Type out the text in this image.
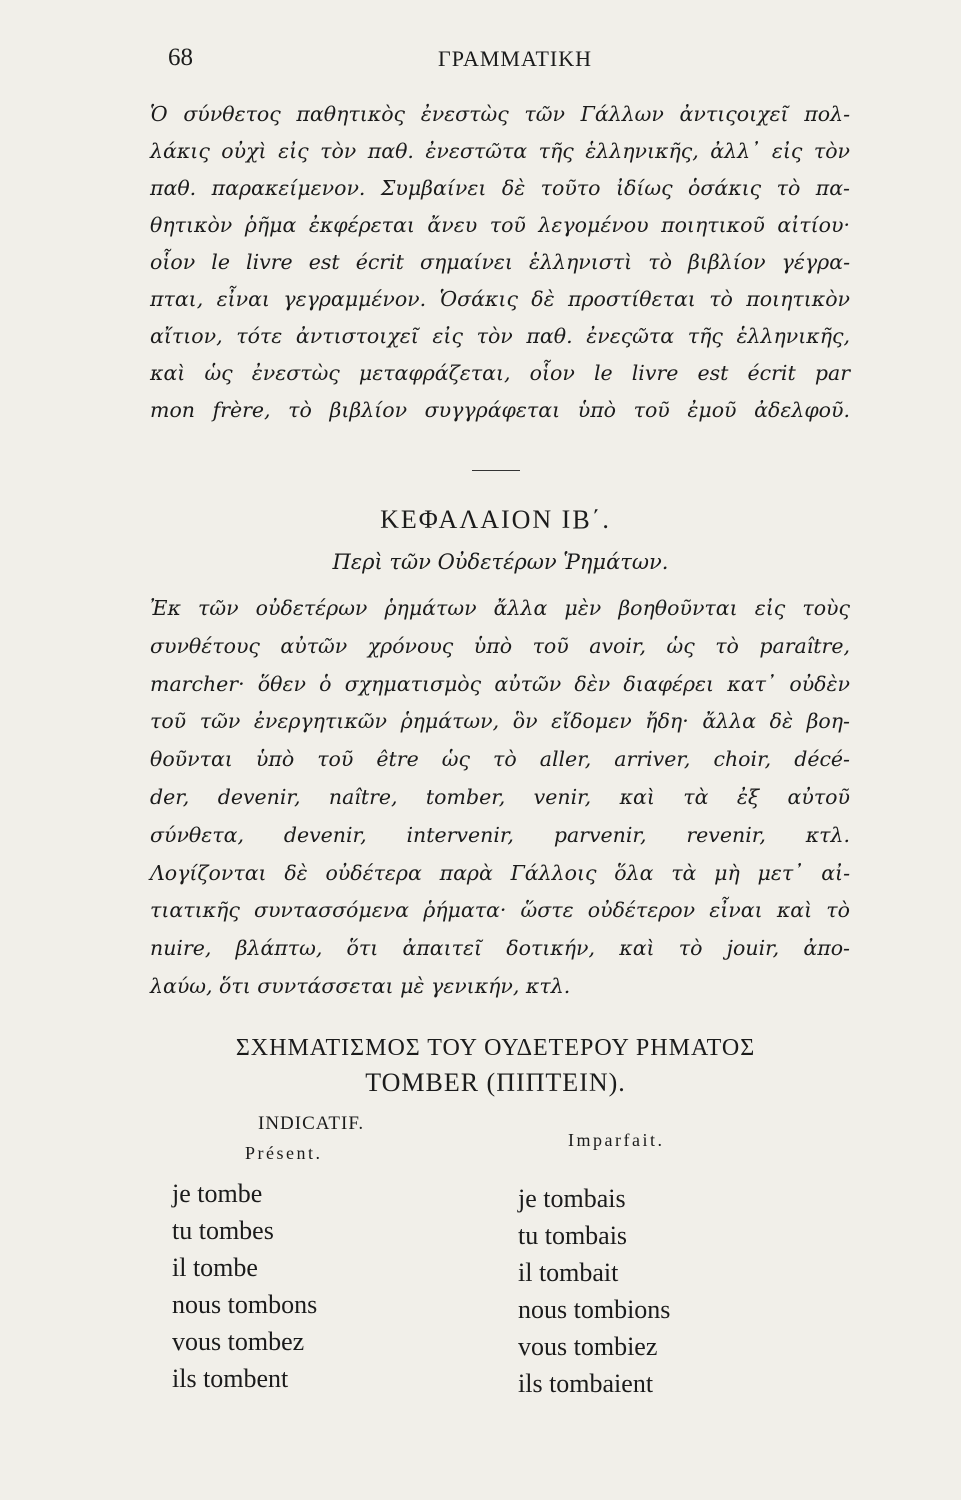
68	ΓΡΑΜΜΑΤΙΚΗ
Ὁ σύνθετος παθητικὸς ἐνεστὼς τῶν Γάλλων ἀντιςοιχεῖ πολ-
λάκις οὐχὶ εἰς τὸν παθ. ἐνεστῶτα τῆς ἑλληνικῆς, ἀλλ᾽ εἰς τὸν
παθ. παρακείμενον. Συμβαίνει δὲ τοῦτο ἰδίως ὁσάκις τὸ πα-
θητικὸν ῥῆμα ἐκφέρεται ἄνευ τοῦ λεγομένου ποιητικοῦ αἰτίου·
οἷον le livre est écrit σημαίνει ἑλληνιστὶ τὸ βιβλίον γέγρα-
πται, εἶναι γεγραμμένον. Ὁσάκις δὲ προστίθεται τὸ ποιητικὸν
αἴτιον, τότε ἀντιστοιχεῖ εἰς τὸν παθ. ἐνεςῶτα τῆς ἑλληνικῆς,
καὶ ὡς ἐνεστὼς μεταφράζεται, οἷον le livre est écrit par
mon frère, τὸ βιβλίον συγγράφεται ὑπὸ τοῦ ἐμοῦ ἀδελφοῦ.
ΚΕΦΑΛΑΙΟΝ ΙΒ΄.
Περὶ τῶν Οὐδετέρων Ῥημάτων.
Ἐκ τῶν οὐδετέρων ῥημάτων ἄλλα μὲν βοηθοῦνται εἰς τοὺς
συνθέτους αὐτῶν χρόνους ὑπὸ τοῦ avoir, ὡς τὸ paraître,
marcher· ὅθεν ὁ σχηματισμὸς αὐτῶν δὲν διαφέρει κατ᾽ οὐδὲν
τοῦ τῶν ἐνεργητικῶν ῥημάτων, ὃν εἴδομεν ἤδη· ἄλλα δὲ βοη-
θοῦνται ὑπὸ τοῦ être ὡς τὸ aller, arriver, choir, décé-
der, devenir, naître, tomber, venir, καὶ τὰ ἐξ αὐτοῦ
σύνθετα, devenir, intervenir, parvenir, revenir, κτλ.
Λογίζονται δὲ οὐδέτερα παρὰ Γάλλοις ὅλα τὰ μὴ μετ᾽ αἰ-
τιατικῆς συντασσόμενα ῥήματα· ὥστε οὐδέτερον εἶναι καὶ τὸ
nuire, βλάπτω, ὅτι ἀπαιτεῖ δοτικήν, καὶ τὸ jouir, ἀπο-
λαύω, ὅτι συντάσσεται μὲ γενικήν, κτλ.
ΣΧΗΜΑΤΙΣΜΟΣ ΤΟΥ ΟΥΔΕΤΕΡΟΥ ΡΗΜΑΤΟΣ
TOMBER (ΠΙΠΤΕΙΝ).
INDICATIF.
Présent.
Imparfait.
je tombe
tu tombes
il tombe
nous tombons
vous tombez
ils tombent
je tombais
tu tombais
il tombait
nous tombions
vous tombiez
ils tombaient
